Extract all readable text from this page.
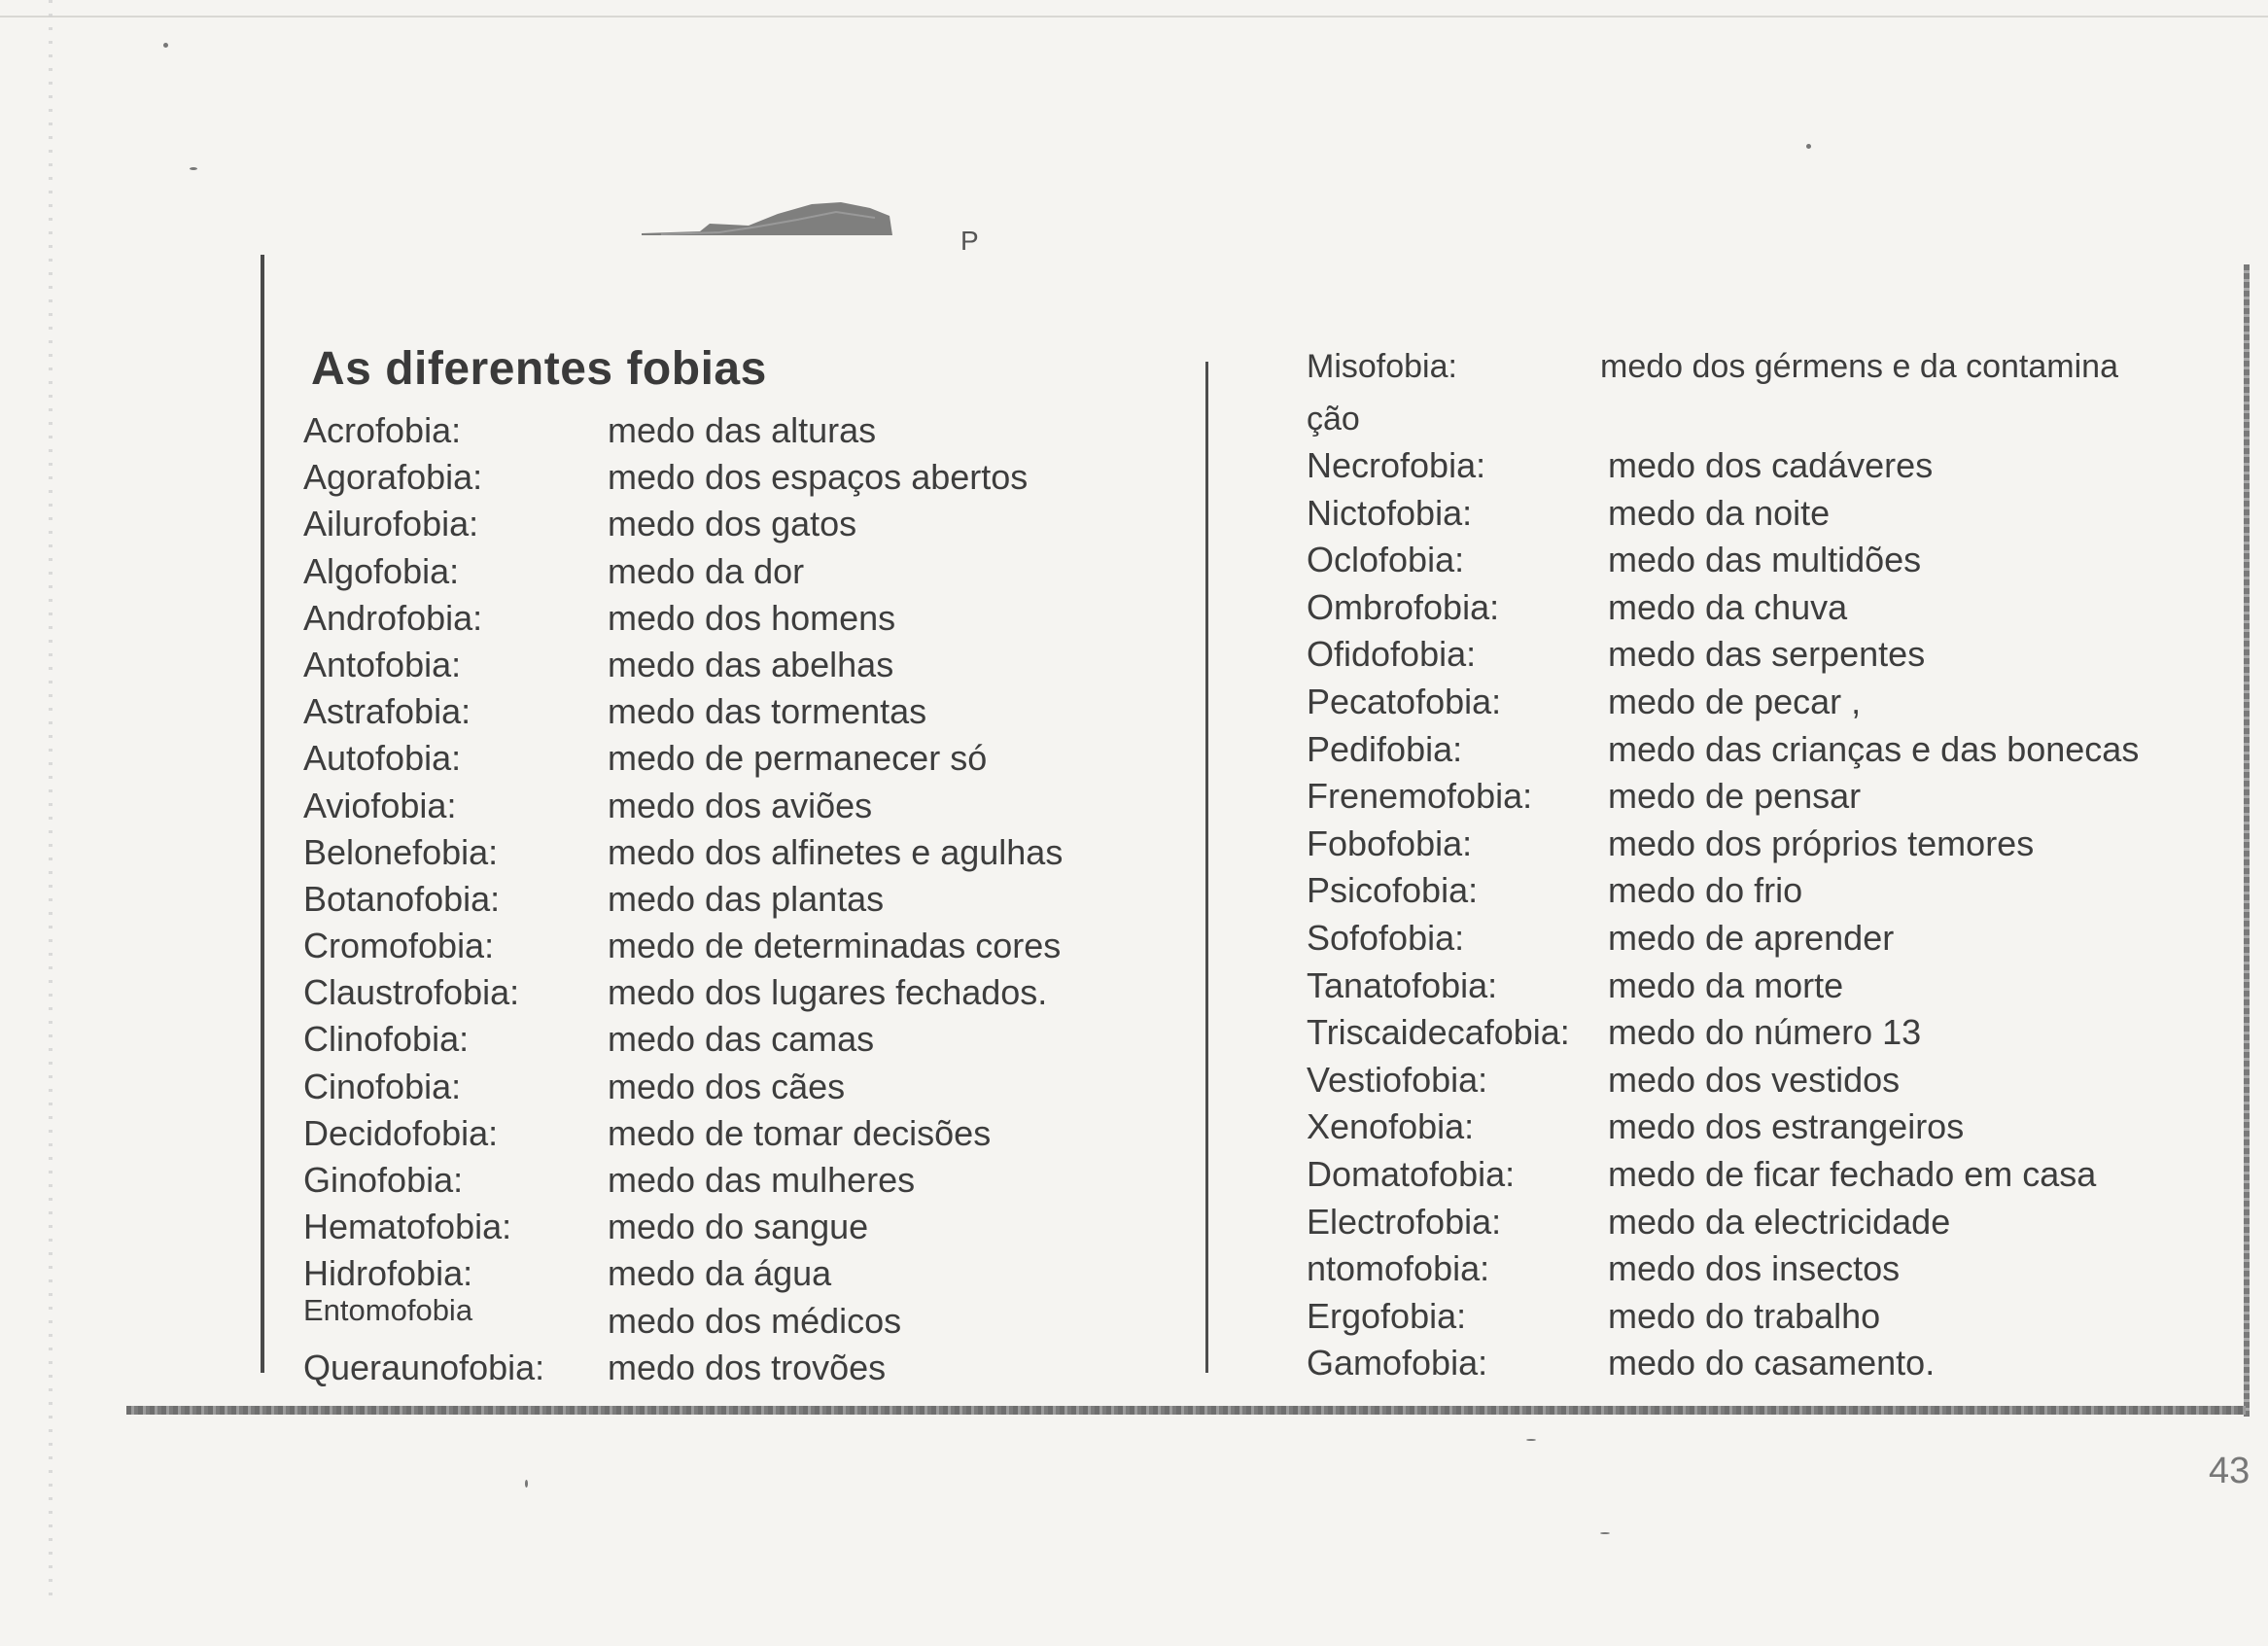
P
As diferentes fobias
Acrofobia:	medo das alturas
Agorafobia:	medo dos espaços abertos
Ailurofobia:	medo dos gatos
Algofobia:	medo da dor
Androfobia:	medo dos homens
Antofobia:	medo das abelhas
Astrafobia:	medo das tormentas
Autofobia:	medo de permanecer só
Aviofobia:	medo dos aviões
Belonefobia:	medo dos alfinetes e agulhas
Botanofobia:	medo das plantas
Cromofobia:	medo de determinadas cores
Claustrofobia:	medo dos lugares fechados.
Clinofobia:	medo das camas
Cinofobia:	medo dos cães
Decidofobia:	medo de tomar decisões
Ginofobia:	medo das mulheres
Hematofobia:	medo do sangue
Hidrofobia:	medo da água
Entomofobia	medo dos médicos
Queraunofobia: medo dos trovões
Misofobia:	medo dos gérmens e da contamina
ção
Necrofobia:	medo dos cadáveres
Nictofobia:	medo da noite
Oclofobia:	medo das multidões
Ombrofobia:	medo da chuva
Ofidofobia:	medo das serpentes
Pecatofobia:	medo de pecar ,
Pedifobia:	medo das crianças e das bonecas
Frenemofobia: medo de pensar
Fobofobia:	medo dos próprios temores
Psicofobia:	medo do frio
Sofofobia:	medo de aprender
Tanatofobia:	medo da morte
Triscaidecafobia: medo do número 13
Vestiofobia:	medo dos vestidos
Xenofobia:	medo dos estrangeiros
Domatofobia:	medo de ficar fechado em casa
Electrofobia:	medo da electricidade
ntomofobia:	medo dos insectos
Ergofobia:	medo do trabalho
Gamofobia:	medo do casamento.
43
